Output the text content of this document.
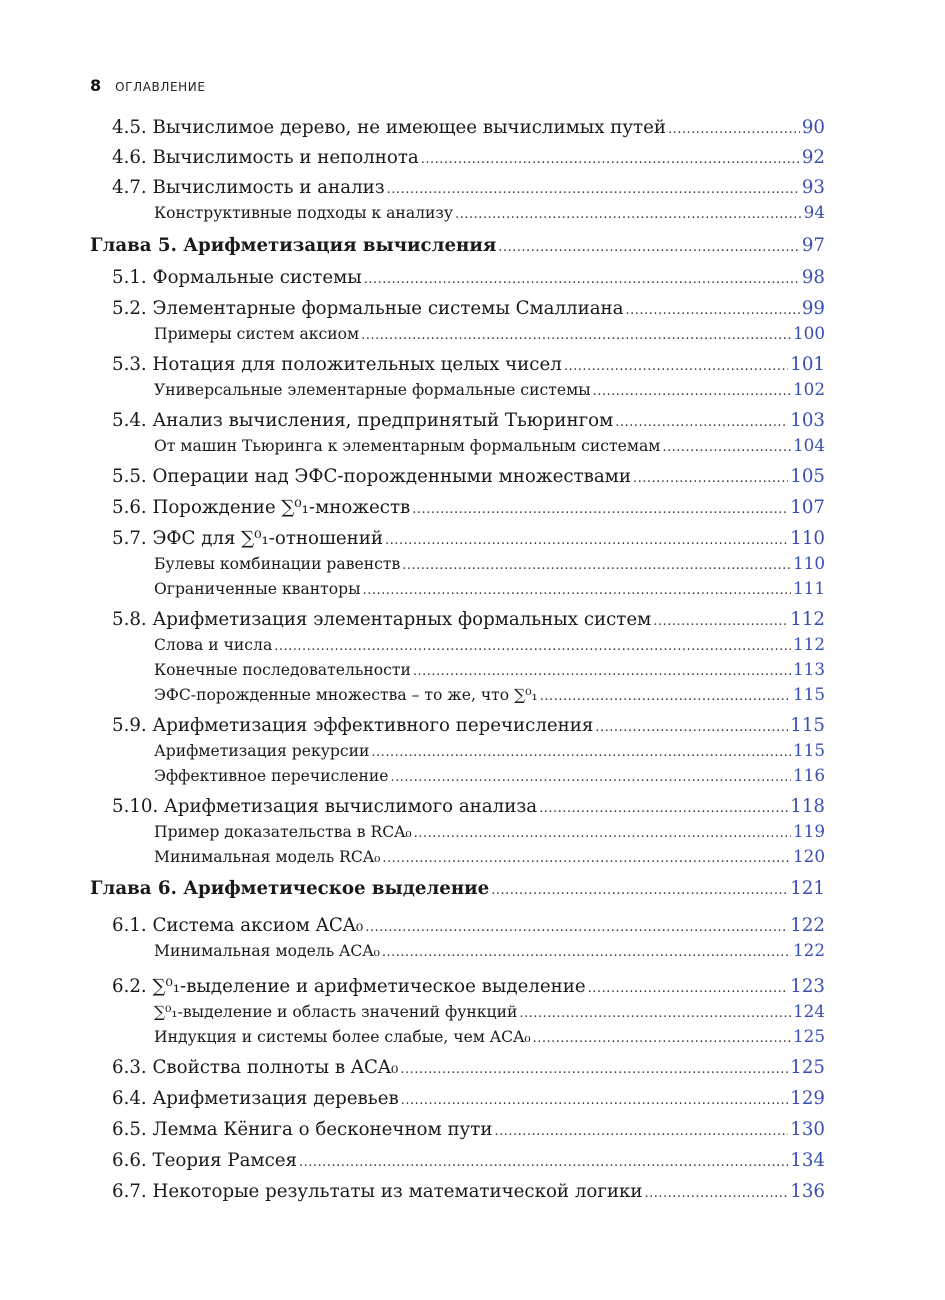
8 ОГЛАВЛЕНИЕ
4.5. Вычислимое дерево, не имеющее вычислимых путей .....	90
4.6. Вычислимость и неполнота .....	92
4.7. Вычислимость и анализ .....	93
Конструктивные подходы к анализу .....	94
Глава 5. Арифметизация вычисления .....	97
5.1. Формальные системы .....	98
5.2. Элементарные формальные системы Смаллиана .....	99
Примеры систем аксиом .....	100
5.3. Нотация для положительных целых чисел .....	101
Универсальные элементарные формальные системы .....	102
5.4. Анализ вычисления, предпринятый Тьюрингом .....	103
От машин Тьюринга к элементарным формальным системам .....	104
5.5. Операции над ЭФС-порожденными множествами .....	105
5.6. Порождение ∑⁰₁-множеств .....	107
5.7. ЭФС для ∑⁰₁-отношений .....	110
Булевы комбинации равенств .....	110
Ограниченные кванторы .....	111
5.8. Арифметизация элементарных формальных систем .....	112
Слова и числа .....	112
Конечные последовательности .....	113
ЭФС-порожденные множества – то же, что ∑⁰₁ .....	115
5.9. Арифметизация эффективного перечисления .....	115
Арифметизация рекурсии .....	115
Эффективное перечисление .....	116
5.10. Арифметизация вычислимого анализа .....	118
Пример доказательства в RCA₀ .....	119
Минимальная модель RCA₀ .....	120
Глава 6. Арифметическое выделение .....	121
6.1. Система аксиом ACA₀ .....	122
Минимальная модель ACA₀ .....	122
6.2. ∑⁰₁-выделение и арифметическое выделение .....	123
∑⁰₁-выделение и область значений функций .....	124
Индукция и системы более слабые, чем ACA₀ .....	125
6.3. Свойства полноты в ACA₀ .....	125
6.4. Арифметизация деревьев .....	129
6.5. Лемма Кёнига о бесконечном пути .....	130
6.6. Теория Рамсея .....	134
6.7. Некоторые результаты из математической логики .....	136
